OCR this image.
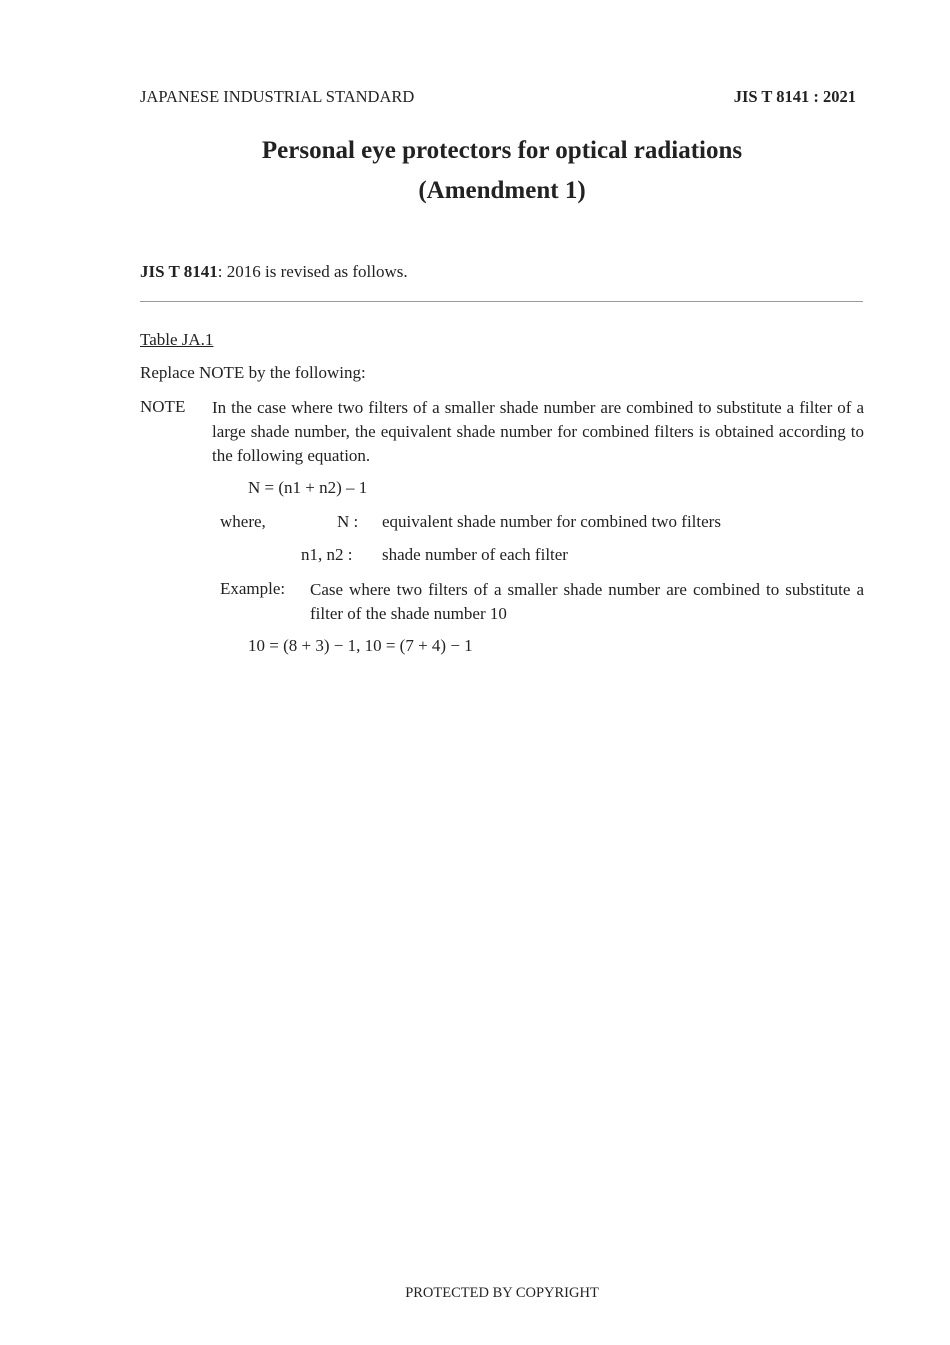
JAPANESE INDUSTRIAL STANDARD	JIS T 8141 : 2021
Personal eye protectors for optical radiations
(Amendment 1)
JIS T 8141: 2016 is revised as follows.
Table JA.1
Replace NOTE by the following:
NOTE In the case where two filters of a smaller shade number are combined to substitute a filter of a large shade number, the equivalent shade number for combined filters is obtained according to the following equation.
N = (n1 + n2) – 1
where,	N : equivalent shade number for combined two filters
n1, n2 : shade number of each filter
Example: Case where two filters of a smaller shade number are combined to substitute a filter of the shade number 10
10 = (8 + 3) − 1, 10 = (7 + 4) − 1
PROTECTED BY COPYRIGHT
